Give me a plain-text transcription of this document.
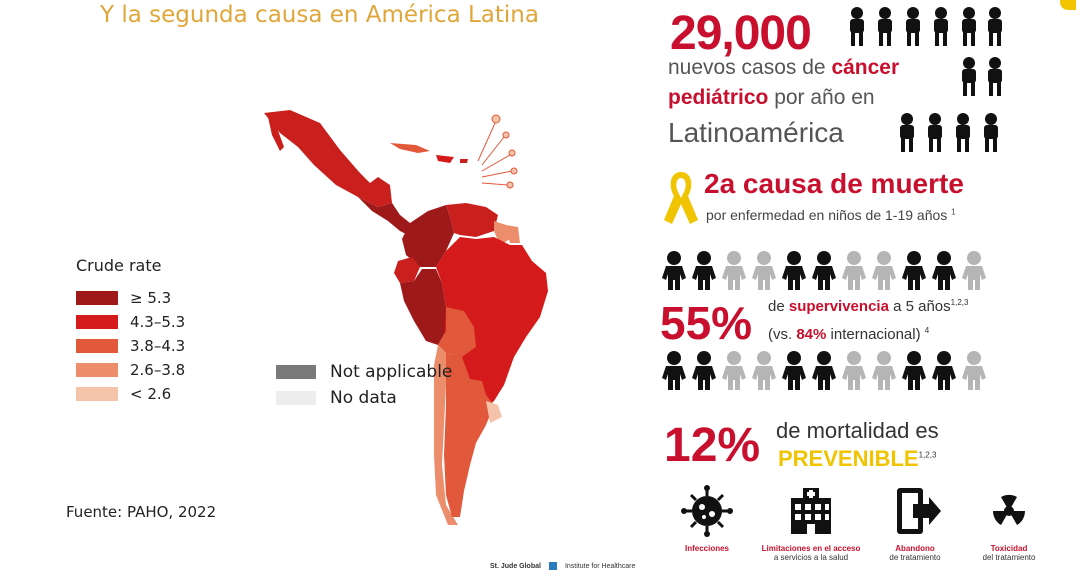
Y la segunda causa en América Latina
Crude rate
≥ 5.3
4.3–5.3
3.8–4.3
2.6–3.8
< 2.6
Not applicable
No data
Fuente: PAHO, 2022
St. Jude Global	Institute for Healthcare
29,000
nuevos casos de cáncer
pediátrico por año en
Latinoamérica
2a causa de muerte
por enfermedad en niños de 1-19 años $^1$
55% de supervivencia a 5 años$^{1,2,3}$
(vs. 84% internacional) $^4$
12% de mortalidad es
PREVENIBLE$^{1,2,3}$
Infecciones	Limitaciones en el acceso
a servicios a la salud
Abandono
de tratamiento
Toxicidad
del tratamiento
